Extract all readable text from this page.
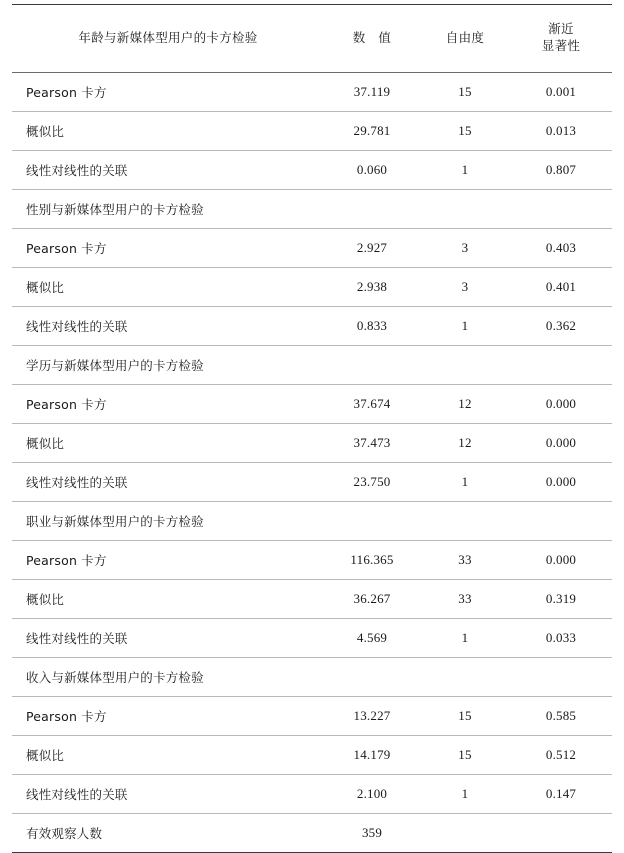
年龄与新媒体型用户的卡方检验	数　值	自由度	渐近
显著性

Pearson 卡方	37.119	15	0.001
概似比	29.781	15	0.013
线性对线性的关联	0.060	1	0.807
性别与新媒体型用户的卡方检验			
Pearson 卡方	2.927	3	0.403
概似比	2.938	3	0.401
线性对线性的关联	0.833	1	0.362
学历与新媒体型用户的卡方检验			
Pearson 卡方	37.674	12	0.000
概似比	37.473	12	0.000
线性对线性的关联	23.750	1	0.000
职业与新媒体型用户的卡方检验			
Pearson 卡方	116.365	33	0.000
概似比	36.267	33	0.319
线性对线性的关联	4.569	1	0.033
收入与新媒体型用户的卡方检验			
Pearson 卡方	13.227	15	0.585
概似比	14.179	15	0.512
线性对线性的关联	2.100	1	0.147
有效观察人数	359		
